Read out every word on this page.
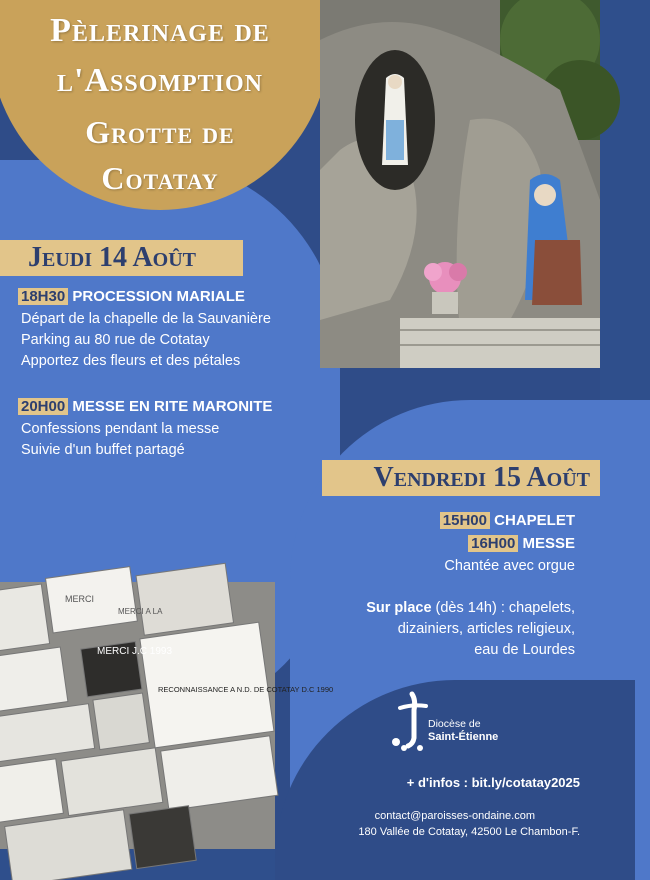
Pèlerinage de
l'Assomption
Grotte de
Cotatay
MERCI J.C 1993
RECONNAISSANCE A N.D. DE COTATAY D.C 1990
MERCI
MERCI A LA
Jeudi 14 Août
18H30 PROCESSION MARIALE
Départ de la chapelle de la Sauvanière
Parking au 80 rue de Cotatay
Apportez des fleurs et des pétales
20H00 MESSE EN RITE MARONITE
Confessions pendant la messe
Suivie d'un buffet partagé
Vendredi 15 Août
15H00 CHAPELET
16H00 MESSE
Chantée avec orgue
Sur place (dès 14h) : chapelets,
dizainiers, articles religieux,
eau de Lourdes
Diocèse de
Saint-Étienne
+ d'infos : bit.ly/cotatay2025
contact@paroisses-ondaine.com
180 Vallée de Cotatay, 42500 Le Chambon-F.
